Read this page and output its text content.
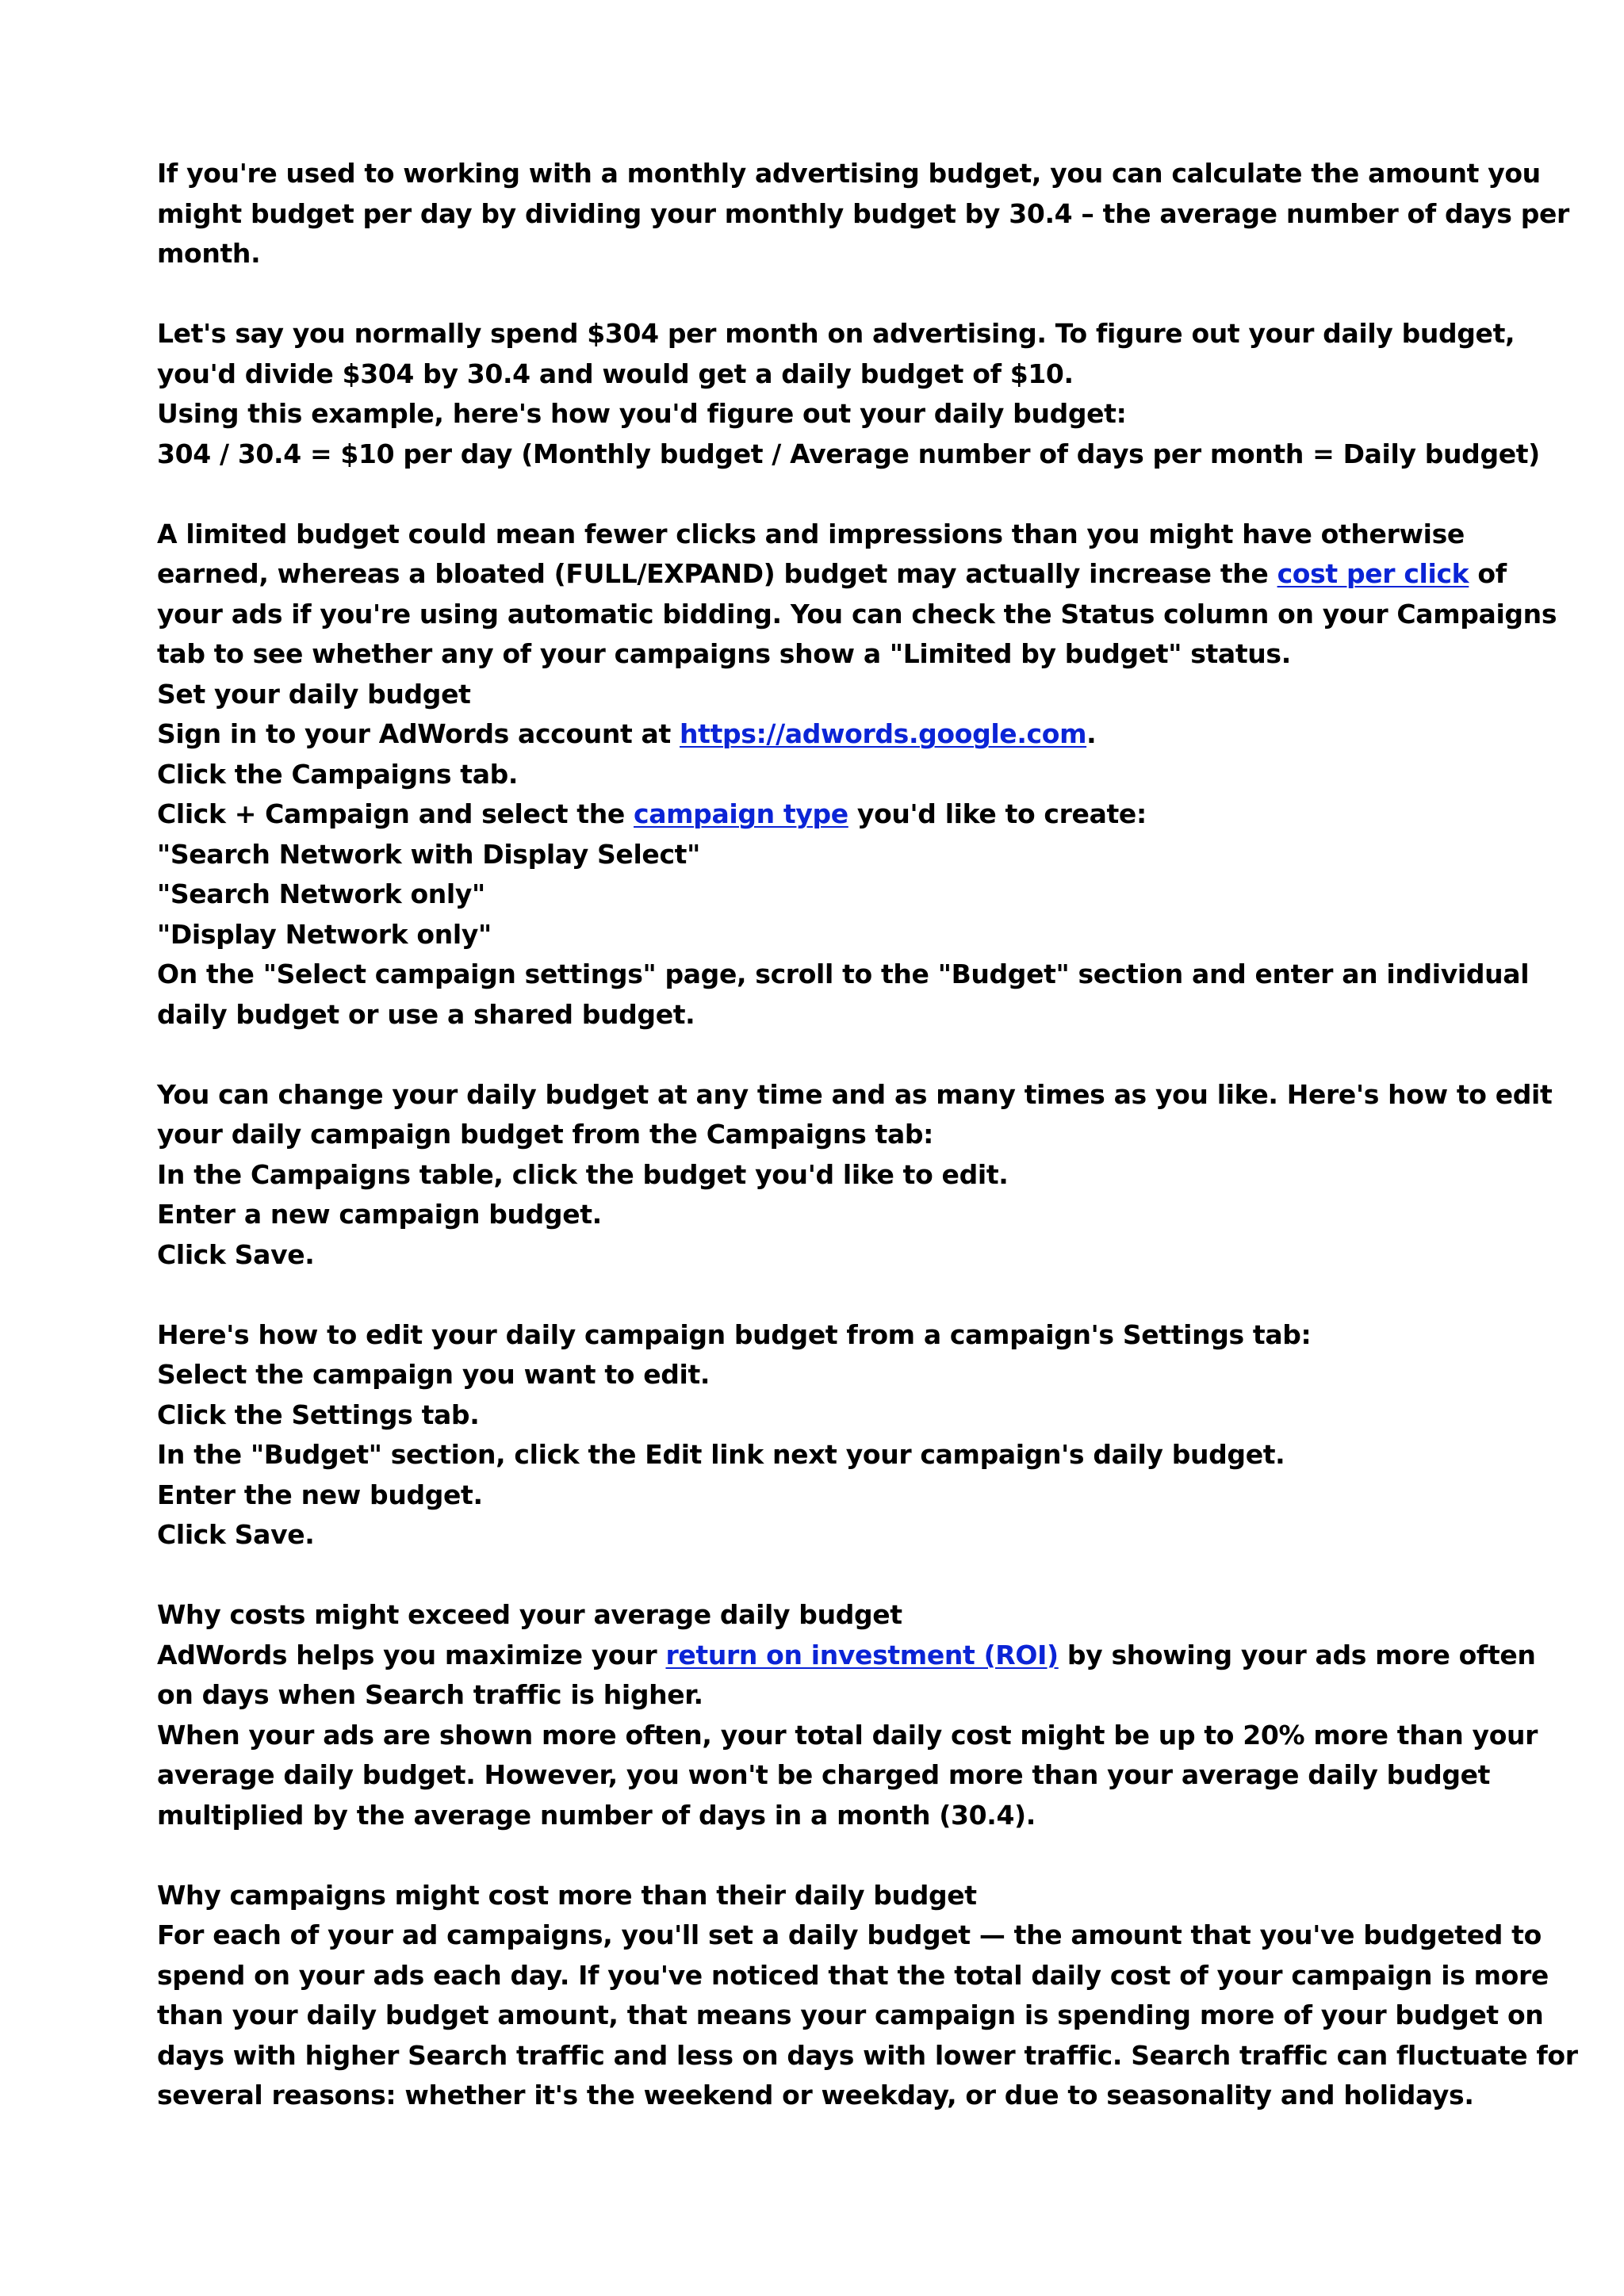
If you're used to working with a monthly advertising budget, you can calculate the amount you
might budget per day by dividing your monthly budget by 30.4 – the average number of days per
month.
Let's say you normally spend $304 per month on advertising. To figure out your daily budget,
you'd divide $304 by 30.4 and would get a daily budget of $10.
Using this example, here's how you'd figure out your daily budget:
304 / 30.4 = $10 per day (Monthly budget / Average number of days per month = Daily budget)
A limited budget could mean fewer clicks and impressions than you might have otherwise
earned, whereas a bloated (FULL/EXPAND) budget may actually increase the cost per click of
your ads if you're using automatic bidding. You can check the Status column on your Campaigns
tab to see whether any of your campaigns show a "Limited by budget" status.
Set your daily budget
Sign in to your AdWords account at https://adwords.google.com.
Click the Campaigns tab.
Click + Campaign and select the campaign type you'd like to create:
"Search Network with Display Select"
"Search Network only"
"Display Network only"
On the "Select campaign settings" page, scroll to the "Budget" section and enter an individual
daily budget or use a shared budget.
You can change your daily budget at any time and as many times as you like. Here's how to edit
your daily campaign budget from the Campaigns tab:
In the Campaigns table, click the budget you'd like to edit.
Enter a new campaign budget.
Click Save.
Here's how to edit your daily campaign budget from a campaign's Settings tab:
Select the campaign you want to edit.
Click the Settings tab.
In the "Budget" section, click the Edit link next your campaign's daily budget.
Enter the new budget.
Click Save.
Why costs might exceed your average daily budget
AdWords helps you maximize your return on investment (ROI) by showing your ads more often
on days when Search traffic is higher.
When your ads are shown more often, your total daily cost might be up to 20% more than your
average daily budget. However, you won't be charged more than your average daily budget
multiplied by the average number of days in a month (30.4).
Why campaigns might cost more than their daily budget
For each of your ad campaigns, you'll set a daily budget — the amount that you've budgeted to
spend on your ads each day. If you've noticed that the total daily cost of your campaign is more
than your daily budget amount, that means your campaign is spending more of your budget on
days with higher Search traffic and less on days with lower traffic. Search traffic can fluctuate for
several reasons: whether it's the weekend or weekday, or due to seasonality and holidays.
